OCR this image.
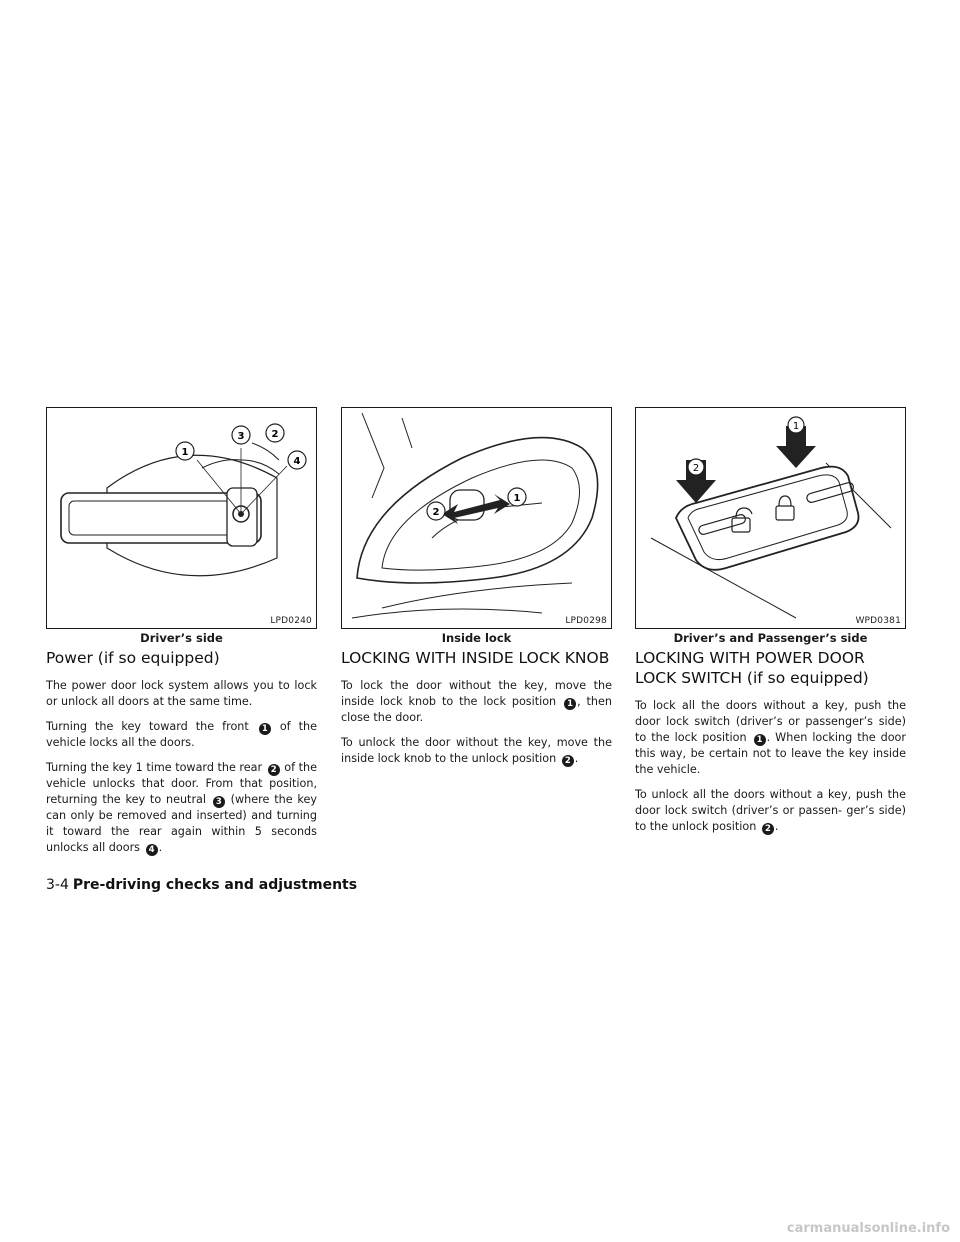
1
3	2
4
LPD0240
Driver’s side
Power (if so equipped)

The power door lock system allows you to lock or unlock all doors at the same time.

Turning the key toward the front 1 of the vehicle locks all the doors.

Turning the key 1 time toward the rear 2 of the vehicle unlocks that door. From that position, returning the key to neutral 3 (where the key can only be removed and inserted) and turning it toward the rear again within 5 seconds unlocks all doors 4 .

1
2
LPD0298
Inside lock
LOCKING WITH INSIDE LOCK KNOB

To lock the door without the key, move the inside lock knob to the lock position 1 , then close the door.

To unlock the door without the key, move the inside lock knob to the unlock position 2 .

1
2
WPD0381
Driver’s and Passenger’s side
LOCKING WITH POWER DOOR LOCK SWITCH (if so equipped)

To lock all the doors without a key, push the door lock switch (driver’s or passenger’s side) to the lock position 1 . When locking the door this way, be certain not to leave the key inside the vehicle.

To unlock all the doors without a key, push the door lock switch (driver’s or passen- ger’s side) to the unlock position 2 .

3-4 Pre-driving checks and adjustments
carmanualsonline.info
